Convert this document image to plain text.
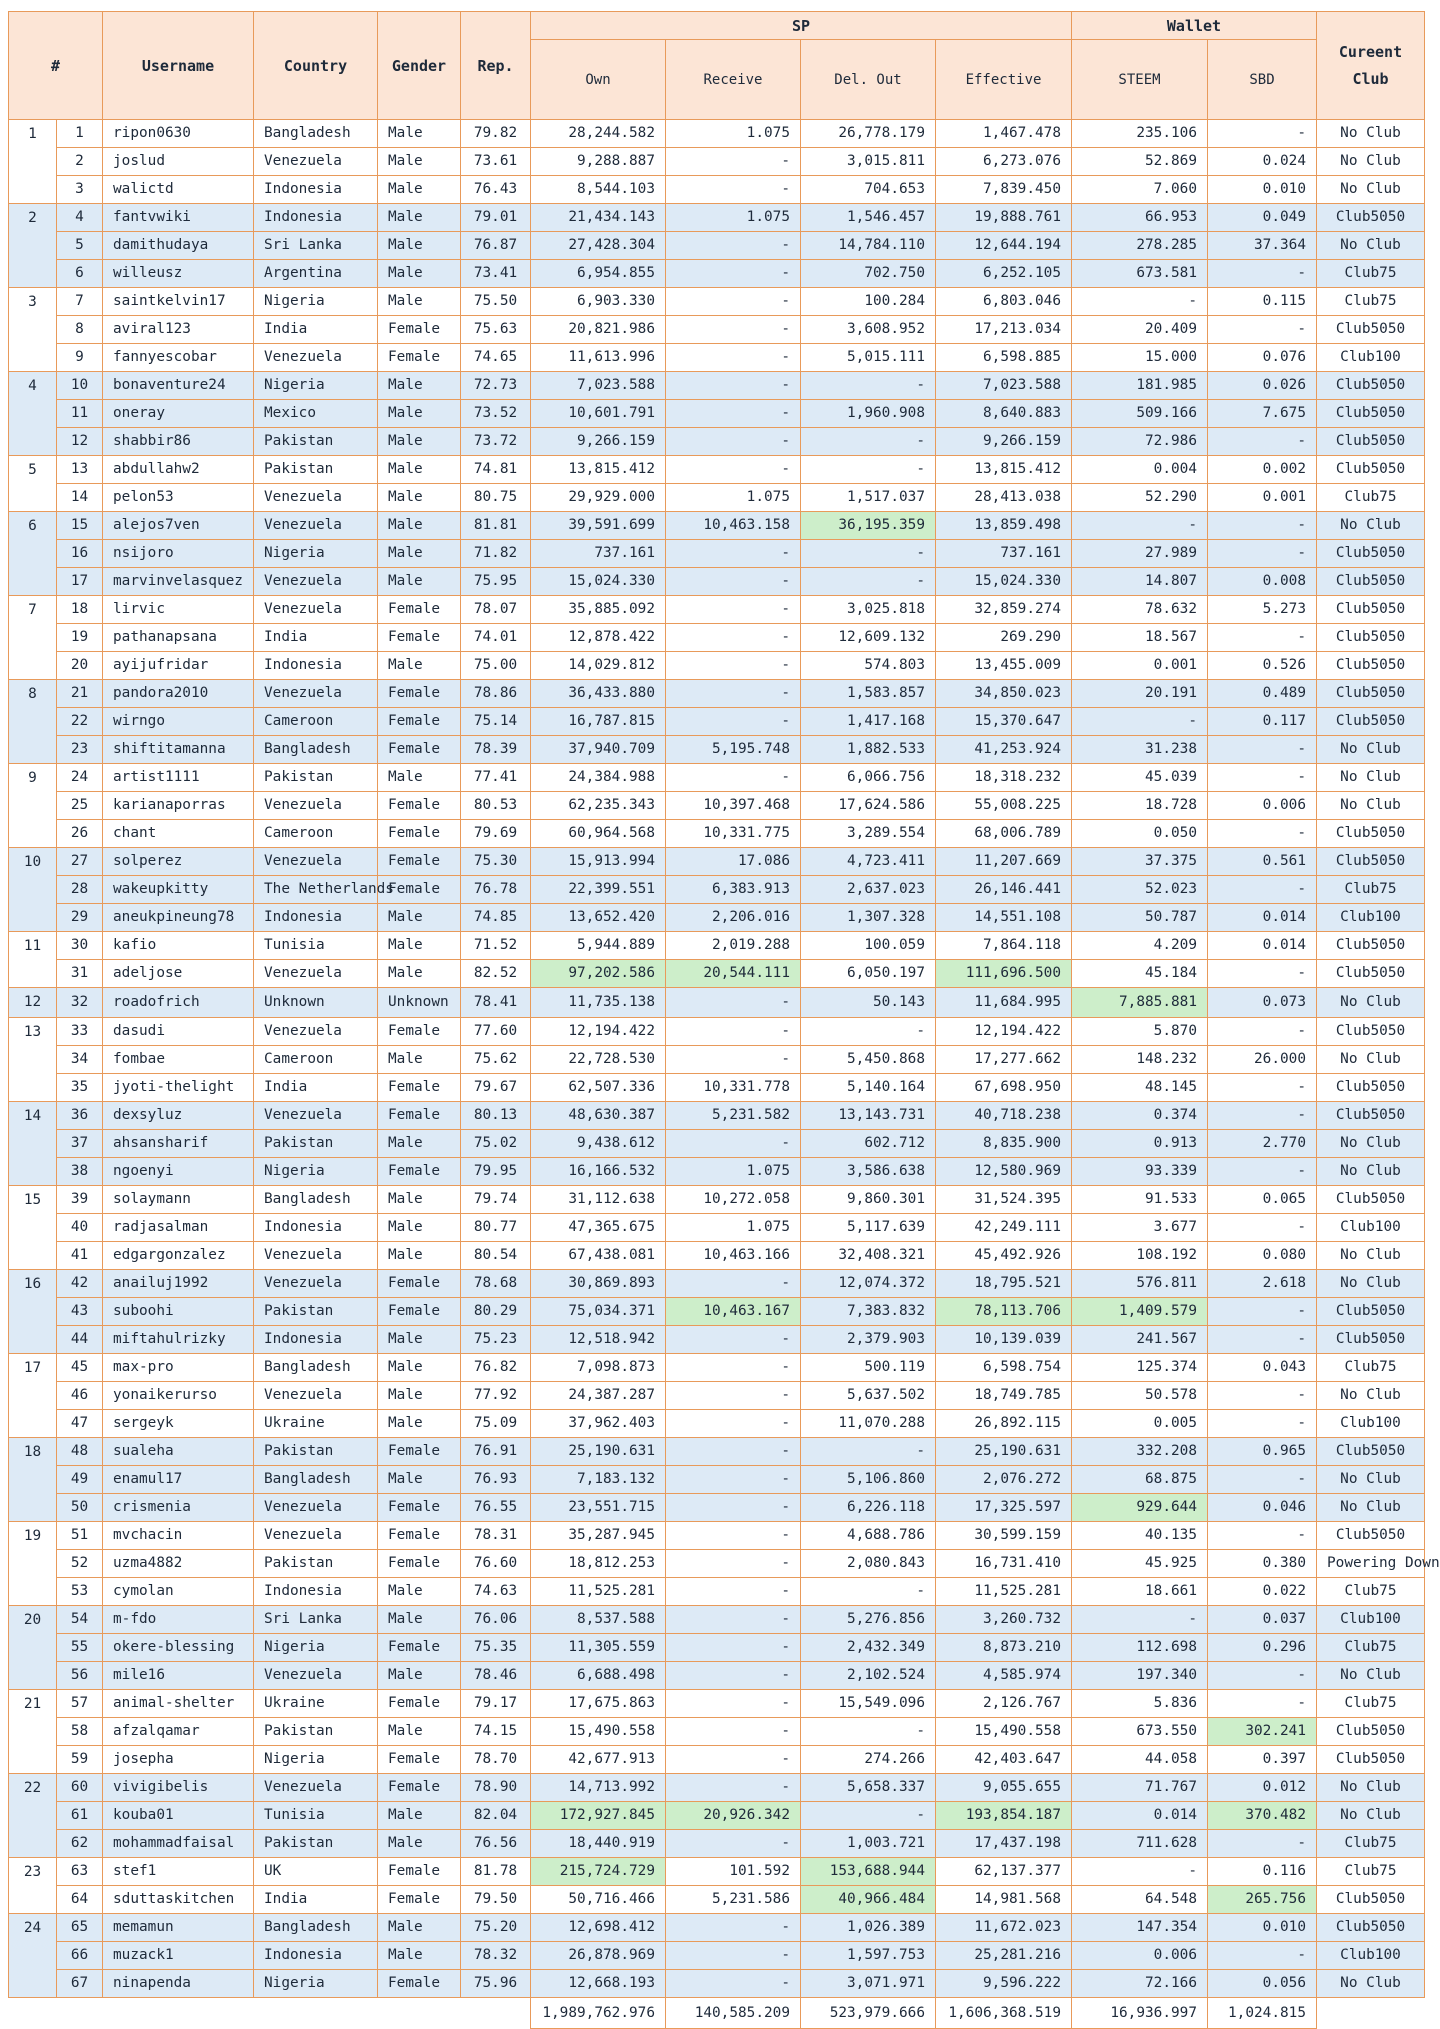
#		Username	Country	Gender	Rep.	SP				Wallet		Cureent Club
						Own	Receive	Del. Out	Effective	STEEM	SBD	
1	1	ripon0630	Bangladesh	Male	79.82	28,244.582	1.075	26,778.179	1,467.478	235.106	-	No Club
	2	joslud	Venezuela	Male	73.61	9,288.887	-	3,015.811	6,273.076	52.869	0.024	No Club
	3	walictd	Indonesia	Male	76.43	8,544.103	-	704.653	7,839.450	7.060	0.010	No Club
2	4	fantvwiki	Indonesia	Male	79.01	21,434.143	1.075	1,546.457	19,888.761	66.953	0.049	Club5050
	5	damithudaya	Sri Lanka	Male	76.87	27,428.304	-	14,784.110	12,644.194	278.285	37.364	No Club
	6	willeusz	Argentina	Male	73.41	6,954.855	-	702.750	6,252.105	673.581	-	Club75
3	7	saintkelvin17	Nigeria	Male	75.50	6,903.330	-	100.284	6,803.046	-	0.115	Club75
	8	aviral123	India	Female	75.63	20,821.986	-	3,608.952	17,213.034	20.409	-	Club5050
	9	fannyescobar	Venezuela	Female	74.65	11,613.996	-	5,015.111	6,598.885	15.000	0.076	Club100
4	10	bonaventure24	Nigeria	Male	72.73	7,023.588	-	-	7,023.588	181.985	0.026	Club5050
	11	oneray	Mexico	Male	73.52	10,601.791	-	1,960.908	8,640.883	509.166	7.675	Club5050
	12	shabbir86	Pakistan	Male	73.72	9,266.159	-	-	9,266.159	72.986	-	Club5050
5	13	abdullahw2	Pakistan	Male	74.81	13,815.412	-	-	13,815.412	0.004	0.002	Club5050
	14	pelon53	Venezuela	Male	80.75	29,929.000	1.075	1,517.037	28,413.038	52.290	0.001	Club75
6	15	alejos7ven	Venezuela	Male	81.81	39,591.699	10,463.158	36,195.359	13,859.498	-	-	No Club
	16	nsijoro	Nigeria	Male	71.82	737.161	-	-	737.161	27.989	-	Club5050
	17	marvinvelasquez	Venezuela	Male	75.95	15,024.330	-	-	15,024.330	14.807	0.008	Club5050
7	18	lirvic	Venezuela	Female	78.07	35,885.092	-	3,025.818	32,859.274	78.632	5.273	Club5050
	19	pathanapsana	India	Female	74.01	12,878.422	-	12,609.132	269.290	18.567	-	Club5050
	20	ayijufridar	Indonesia	Male	75.00	14,029.812	-	574.803	13,455.009	0.001	0.526	Club5050
8	21	pandora2010	Venezuela	Female	78.86	36,433.880	-	1,583.857	34,850.023	20.191	0.489	Club5050
	22	wirngo	Cameroon	Female	75.14	16,787.815	-	1,417.168	15,370.647	-	0.117	Club5050
	23	shiftitamanna	Bangladesh	Female	78.39	37,940.709	5,195.748	1,882.533	41,253.924	31.238	-	No Club
9	24	artist1111	Pakistan	Male	77.41	24,384.988	-	6,066.756	18,318.232	45.039	-	No Club
	25	karianaporras	Venezuela	Female	80.53	62,235.343	10,397.468	17,624.586	55,008.225	18.728	0.006	No Club
	26	chant	Cameroon	Female	79.69	60,964.568	10,331.775	3,289.554	68,006.789	0.050	-	Club5050
10	27	solperez	Venezuela	Female	75.30	15,913.994	17.086	4,723.411	11,207.669	37.375	0.561	Club5050
	28	wakeupkitty	The Netherlands	Female	76.78	22,399.551	6,383.913	2,637.023	26,146.441	52.023	-	Club75
	29	aneukpineung78	Indonesia	Male	74.85	13,652.420	2,206.016	1,307.328	14,551.108	50.787	0.014	Club100
11	30	kafio	Tunisia	Male	71.52	5,944.889	2,019.288	100.059	7,864.118	4.209	0.014	Club5050
	31	adeljose	Venezuela	Male	82.52	97,202.586	20,544.111	6,050.197	111,696.500	45.184	-	Club5050
12	32	roadofrich	Unknown	Unknown	78.41	11,735.138	-	50.143	11,684.995	7,885.881	0.073	No Club
13	33	dasudi	Venezuela	Female	77.60	12,194.422	-	-	12,194.422	5.870	-	Club5050
	34	fombae	Cameroon	Male	75.62	22,728.530	-	5,450.868	17,277.662	148.232	26.000	No Club
	35	jyoti-thelight	India	Female	79.67	62,507.336	10,331.778	5,140.164	67,698.950	48.145	-	Club5050
14	36	dexsyluz	Venezuela	Female	80.13	48,630.387	5,231.582	13,143.731	40,718.238	0.374	-	Club5050
	37	ahsansharif	Pakistan	Male	75.02	9,438.612	-	602.712	8,835.900	0.913	2.770	No Club
	38	ngoenyi	Nigeria	Female	79.95	16,166.532	1.075	3,586.638	12,580.969	93.339	-	No Club
15	39	solaymann	Bangladesh	Male	79.74	31,112.638	10,272.058	9,860.301	31,524.395	91.533	0.065	Club5050
	40	radjasalman	Indonesia	Male	80.77	47,365.675	1.075	5,117.639	42,249.111	3.677	-	Club100
	41	edgargonzalez	Venezuela	Male	80.54	67,438.081	10,463.166	32,408.321	45,492.926	108.192	0.080	No Club
16	42	anailuj1992	Venezuela	Female	78.68	30,869.893	-	12,074.372	18,795.521	576.811	2.618	No Club
	43	suboohi	Pakistan	Female	80.29	75,034.371	10,463.167	7,383.832	78,113.706	1,409.579	-	Club5050
	44	miftahulrizky	Indonesia	Male	75.23	12,518.942	-	2,379.903	10,139.039	241.567	-	Club5050
17	45	max-pro	Bangladesh	Male	76.82	7,098.873	-	500.119	6,598.754	125.374	0.043	Club75
	46	yonaikerurso	Venezuela	Male	77.92	24,387.287	-	5,637.502	18,749.785	50.578	-	No Club
	47	sergeyk	Ukraine	Male	75.09	37,962.403	-	11,070.288	26,892.115	0.005	-	Club100
18	48	sualeha	Pakistan	Female	76.91	25,190.631	-	-	25,190.631	332.208	0.965	Club5050
	49	enamul17	Bangladesh	Male	76.93	7,183.132	-	5,106.860	2,076.272	68.875	-	No Club
	50	crismenia	Venezuela	Female	76.55	23,551.715	-	6,226.118	17,325.597	929.644	0.046	No Club
19	51	mvchacin	Venezuela	Female	78.31	35,287.945	-	4,688.786	30,599.159	40.135	-	Club5050
	52	uzma4882	Pakistan	Female	76.60	18,812.253	-	2,080.843	16,731.410	45.925	0.380	Powering Down
	53	cymolan	Indonesia	Male	74.63	11,525.281	-	-	11,525.281	18.661	0.022	Club75
20	54	m-fdo	Sri Lanka	Male	76.06	8,537.588	-	5,276.856	3,260.732	-	0.037	Club100
	55	okere-blessing	Nigeria	Female	75.35	11,305.559	-	2,432.349	8,873.210	112.698	0.296	Club75
	56	mile16	Venezuela	Male	78.46	6,688.498	-	2,102.524	4,585.974	197.340	-	No Club
21	57	animal-shelter	Ukraine	Female	79.17	17,675.863	-	15,549.096	2,126.767	5.836	-	Club75
	58	afzalqamar	Pakistan	Male	74.15	15,490.558	-	-	15,490.558	673.550	302.241	Club5050
	59	josepha	Nigeria	Female	78.70	42,677.913	-	274.266	42,403.647	44.058	0.397	Club5050
22	60	vivigibelis	Venezuela	Female	78.90	14,713.992	-	5,658.337	9,055.655	71.767	0.012	No Club
	61	kouba01	Tunisia	Male	82.04	172,927.845	20,926.342	-	193,854.187	0.014	370.482	No Club
	62	mohammadfaisal	Pakistan	Male	76.56	18,440.919	-	1,003.721	17,437.198	711.628	-	Club75
23	63	stef1	UK	Female	81.78	215,724.729	101.592	153,688.944	62,137.377	-	0.116	Club75
	64	sduttaskitchen	India	Female	79.50	50,716.466	5,231.586	40,966.484	14,981.568	64.548	265.756	Club5050
24	65	memamun	Bangladesh	Male	75.20	12,698.412	-	1,026.389	11,672.023	147.354	0.010	Club5050
	66	muzack1	Indonesia	Male	78.32	26,878.969	-	1,597.753	25,281.216	0.006	-	Club100
	67	ninapenda	Nigeria	Female	75.96	12,668.193	-	3,071.971	9,596.222	72.166	0.056	No Club
						1,989,762.976	140,585.209	523,979.666	1,606,368.519	16,936.997	1,024.815	
